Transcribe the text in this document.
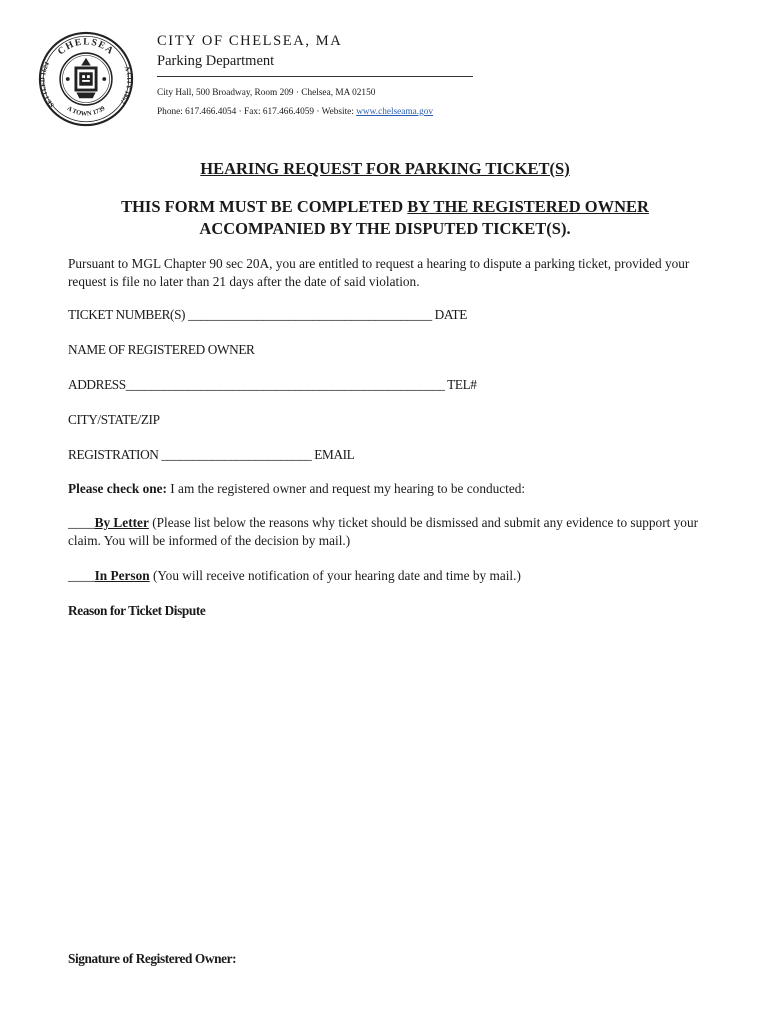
CHELSEA
SETTLED 1624
A CITY 1857
A TOWN 1739
CITY OF CHELSEA, MA
Parking Department
City Hall, 500 Broadway, Room 209 · Chelsea, MA 02150
Phone: 617.466.4054 · Fax: 617.466.4059 · Website: www.chelseama.gov
HEARING REQUEST FOR PARKING TICKET(S)
THIS FORM MUST BE COMPLETED BY THE REGISTERED OWNER
ACCOMPANIED BY THE DISPUTED TICKET(S).
Pursuant to MGL Chapter 90 sec 20A, you are entitled to request a hearing to dispute a parking ticket, provided your request is file no later than 21 days after the date of said violation.
TICKET NUMBER(S) _______________________________________ DATE
NAME OF REGISTERED OWNER
ADDRESS___________________________________________________ TEL#
CITY/STATE/ZIP
REGISTRATION ________________________ EMAIL
Please check one: I am the registered owner and request my hearing to be conducted:
____By Letter (Please list below the reasons why ticket should be dismissed and submit any evidence to support your claim. You will be informed of the decision by mail.)
____In Person (You will receive notification of your hearing date and time by mail.)
Reason for Ticket Dispute
Signature of Registered Owner:
